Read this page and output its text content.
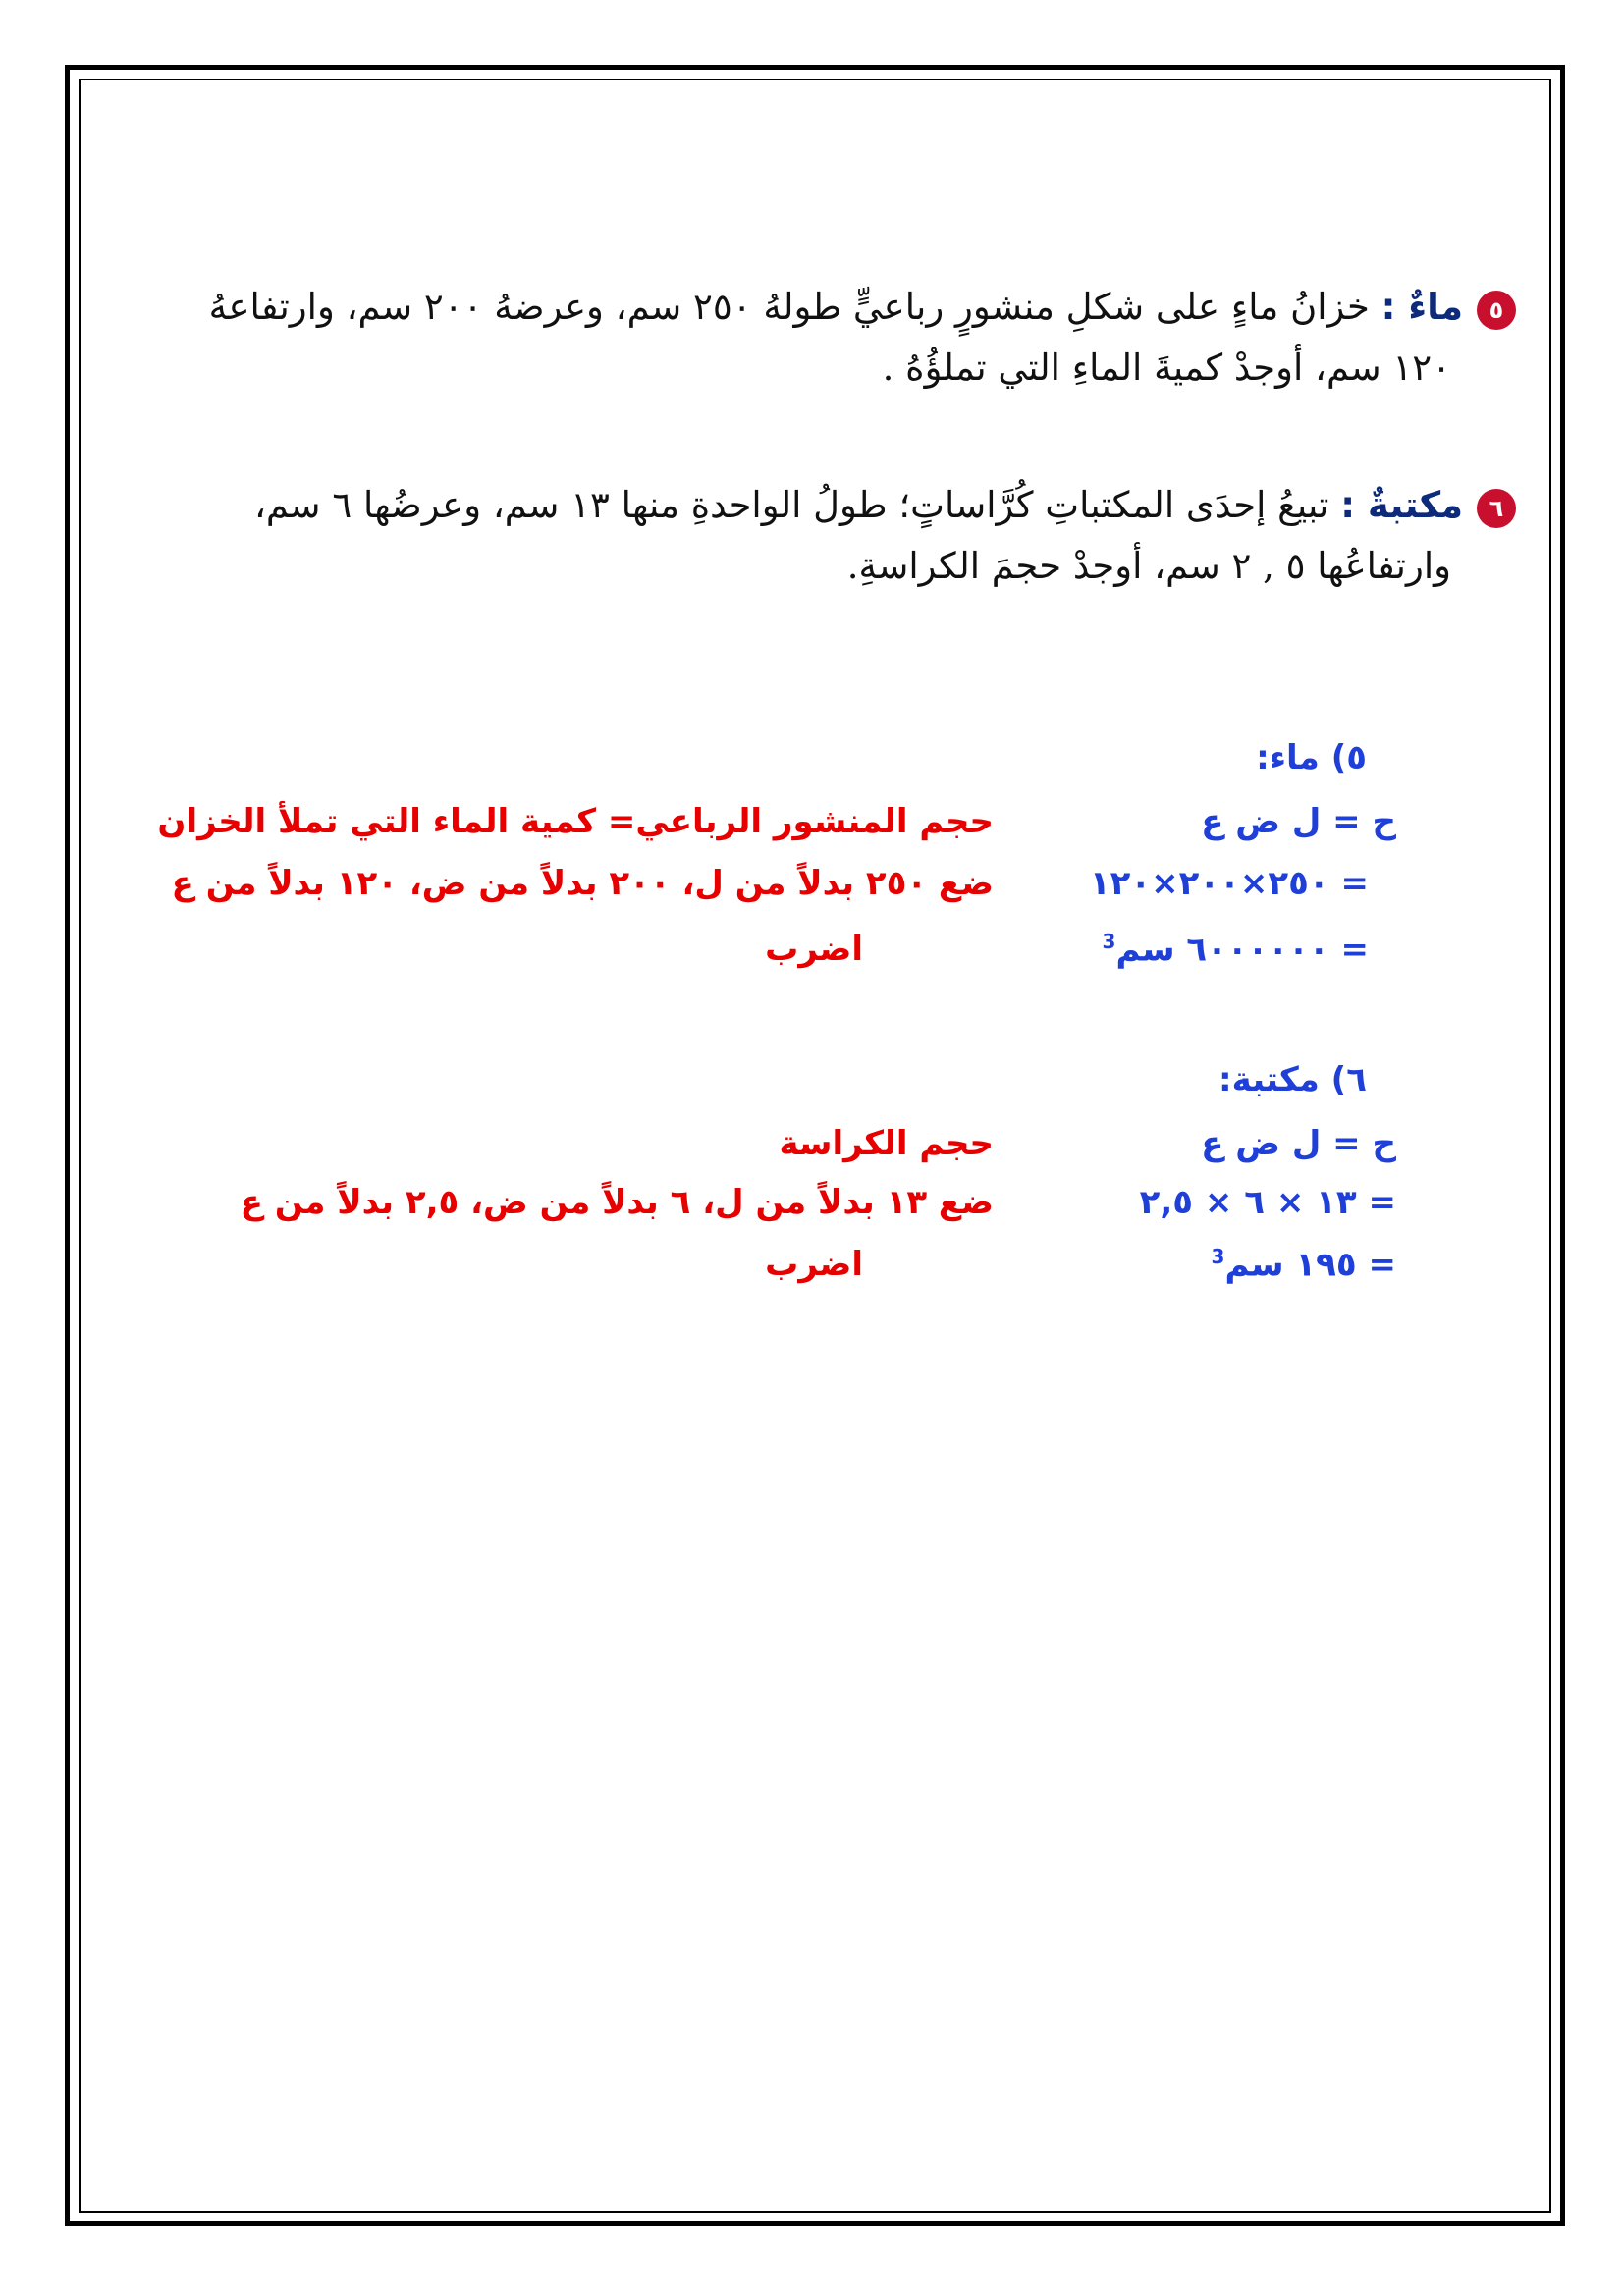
٥ماءٌ : خزانُ ماءٍ على شكلِ منشورٍ رباعيٍّ طولهُ ٢٥٠ سم، وعرضهُ ٢٠٠ سم، وارتفاعهُ
١٢٠ سم، أوجدْ كميةَ الماءِ التي تملؤُهُ .
٦مكتبةٌ : تبيعُ إحدَى المكتباتِ كُرَّاساتٍ؛ طولُ الواحدةِ منها ١٣ سم، وعرضُها ٦ سم،
وارتفاعُها ٥ , ٢ سم، أوجدْ حجمَ الكراسةِ.
٥) ماء:
ح = ل ض ع
= ٢٥٠×٢٠٠×١٢٠
= ٦٠٠٠٠٠٠ سم$^3$
حجم المنشور الرباعي= كمية الماء التي تملأ الخزان
ضع ٢٥٠ بدلاً من ل، ٢٠٠ بدلاً من ض، ١٢٠ بدلاً من ع
اضرب
٦) مكتبة:
ح = ل ض ع
= ١٣ × ٦ × ٢,٥
= ١٩٥ سم$^3$
حجم الكراسة
ضع ١٣ بدلاً من ل، ٦ بدلاً من ض، ٢,٥ بدلاً من ع
اضرب
